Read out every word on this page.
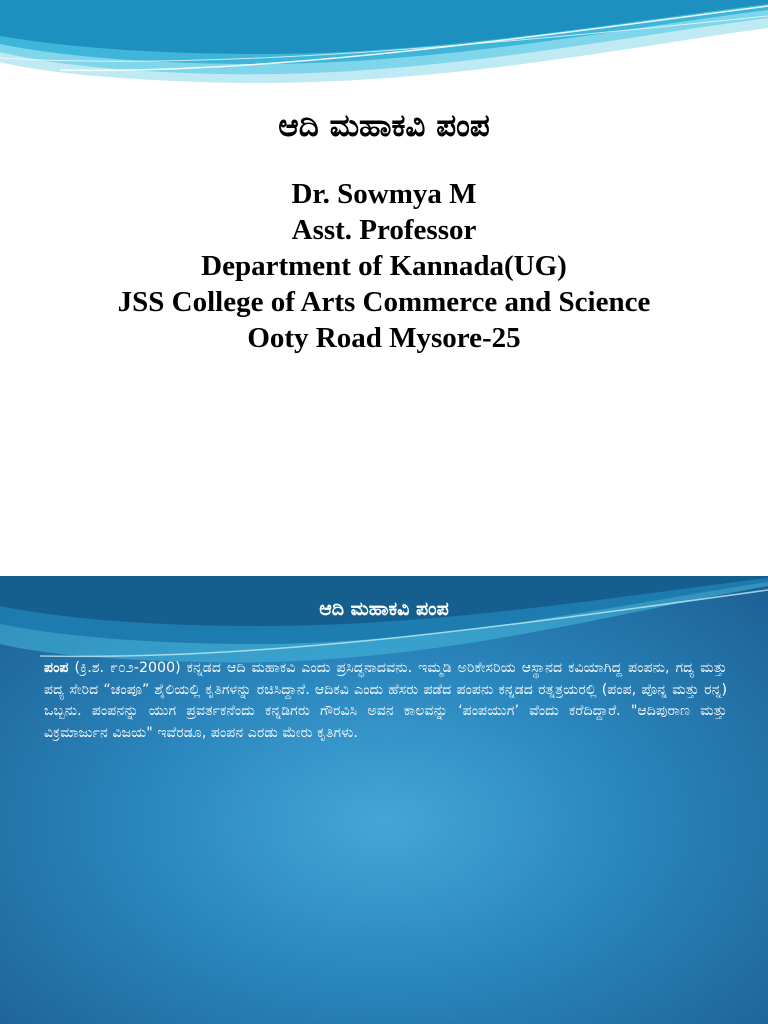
ಆದಿ ಮಹಾಕವಿ ಪಂಪ
Dr. Sowmya M
Asst. Professor
Department of Kannada(UG)
JSS College of Arts Commerce and Science
Ooty Road Mysore-25
ಆದಿ ಮಹಾಕವಿ ಪಂಪ

ಪಂಪ (ಕ್ರಿ.ಶ. ೯೦೨-2000) ಕನ್ನಡದ ಆದಿ ಮಹಾಕವಿ ಎಂದು ಪ್ರಸಿದ್ಧನಾದವನು. ಇಮ್ಮಡಿ ಅರಿಕೇಸರಿಯ ಆಸ್ಥಾನದ ಕವಿಯಾಗಿದ್ದ ಪಂಪನು, ಗದ್ಯ ಮತ್ತು ಪದ್ಯ ಸೇರಿದ “ಚಂಪೂ” ಶೈಲಿಯಲ್ಲಿ ಕೃತಿಗಳನ್ನು ರಚಿಸಿದ್ದಾನೆ. ಆದಿಕವಿ ಎಂದು ಹೆಸರು ಪಡೆದ ಪಂಪನು ಕನ್ನಡದ ರತ್ನತ್ರಯರಲ್ಲಿ (ಪಂಪ, ಪೊನ್ನ ಮತ್ತು ರನ್ನ) ಒಬ್ಬನು. ಪಂಪನನ್ನು ಯುಗ ಪ್ರವರ್ತಕನೆಂದು ಕನ್ನಡಿಗರು ಗೌರವಿಸಿ ಅವನ ಕಾಲವನ್ನು ‘ಪಂಪಯುಗ’ ವೆಂದು ಕರೆದಿದ್ದಾರೆ. "ಆದಿಪುರಾಣ ಮತ್ತು ವಿಕ್ರಮಾರ್ಜುನ ವಿಜಯ" ಇವೆರಡೂ, ಪಂಪನ ಎರಡು ಮೇರು ಕೃತಿಗಳು.
